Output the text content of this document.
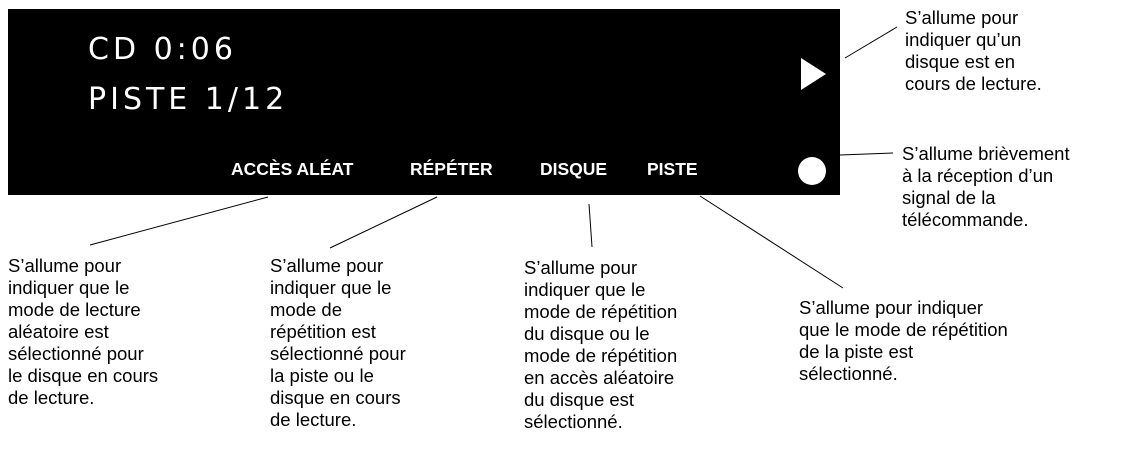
CD 0:06
PISTE 1/12
ACCÈS ALÉAT	RÉPÉTER	DISQUE PISTE
S’allume pour
indiquer qu’un
disque est en
cours de lecture.
S’allume brièvement
à la réception d’un
signal de la
télécommande.
S’allume pour
indiquer que le
mode de lecture
aléatoire est
sélectionné pour
le disque en cours
de lecture.
S’allume pour
indiquer que le
mode de
répétition est
sélectionné pour
la piste ou le
disque en cours
de lecture.
S’allume pour
indiquer que le
mode de répétition
du disque ou le
mode de répétition
en accès aléatoire
du disque est
sélectionné.
S’allume pour indiquer
que le mode de répétition
de la piste est
sélectionné.
